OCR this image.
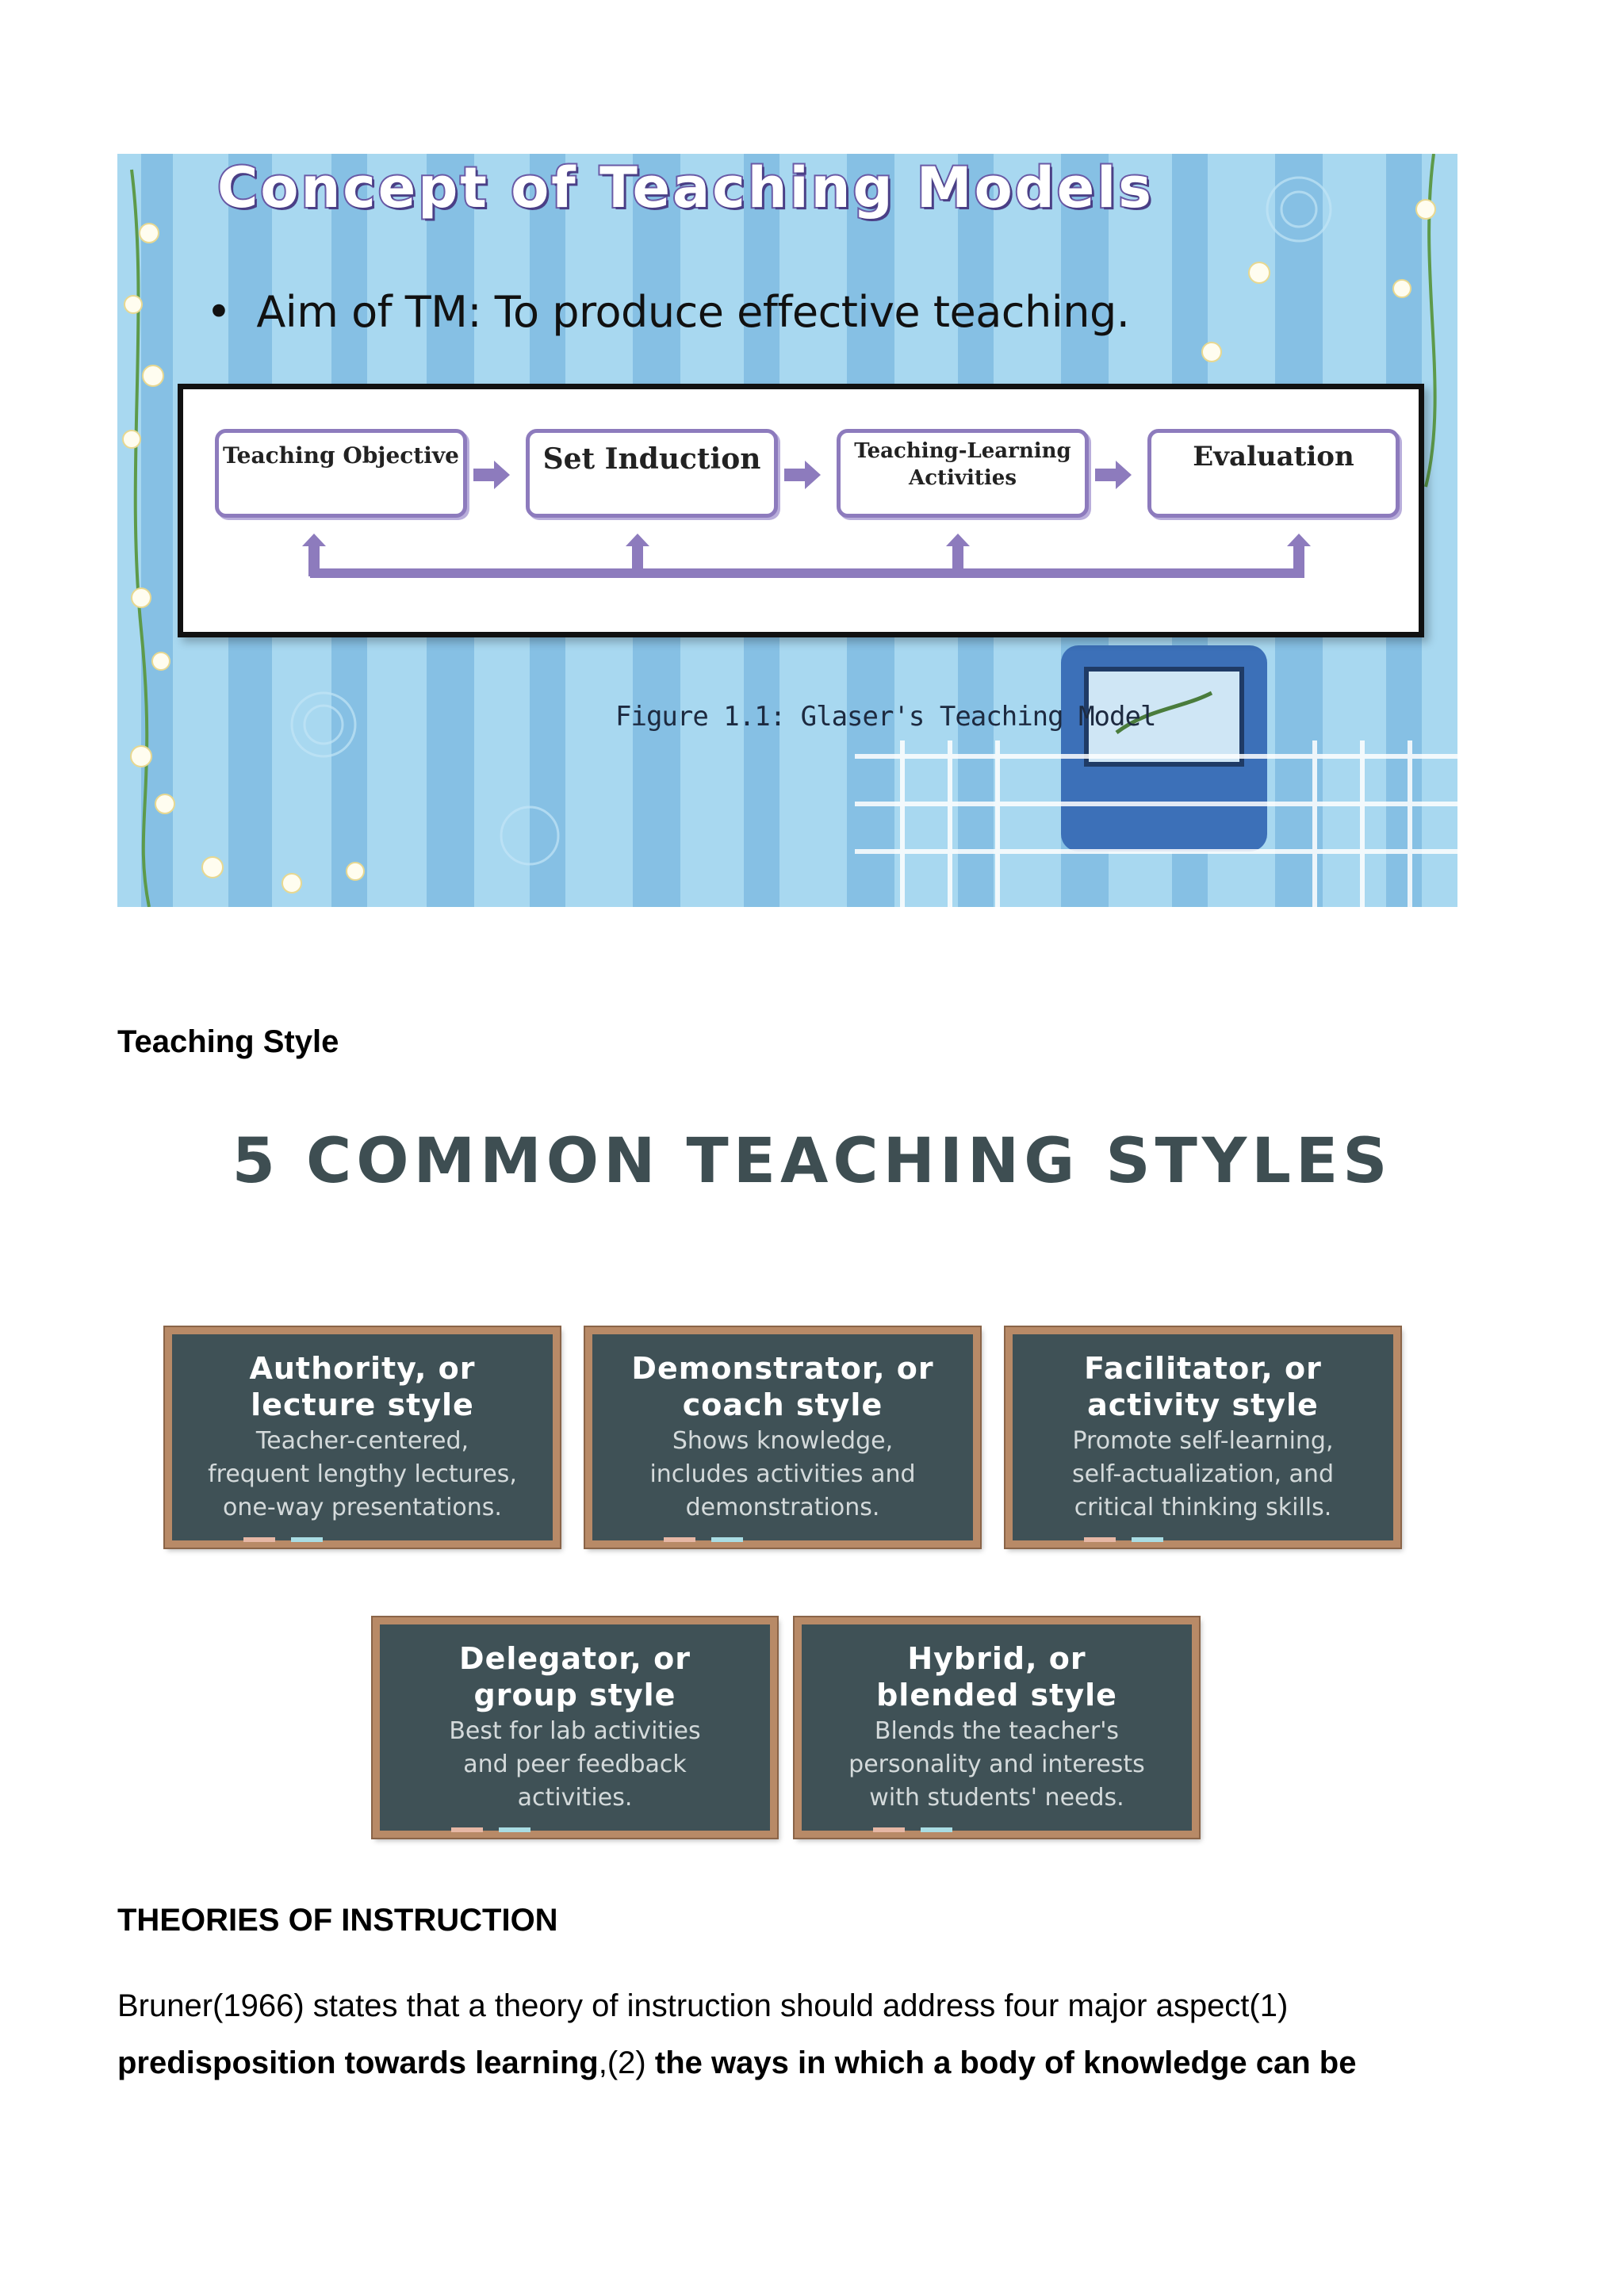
Concept of Teaching Models
• Aim of TM: To produce effective teaching.
Teaching Objective	Set Induction	Teaching-Learning Activities
Evaluation
Figure 1.1: Glaser's Teaching Model
Teaching Style
5 COMMON TEACHING STYLES
Authority, or
lecture style
Teacher-centered,
frequent lengthy lectures,
one-way presentations.
Demonstrator, or
coach style
Shows knowledge,
includes activities and
demonstrations.
Facilitator, or
activity style
Promote self-learning,
self-actualization, and
critical thinking skills.
Delegator, or
group style
Best for lab activities
and peer feedback
activities.
Hybrid, or
blended style
Blends the teacher's
personality and interests
with students' needs.
THEORIES OF INSTRUCTION
Bruner(1966) states that a theory of instruction should address four major aspect(1)
predisposition towards learning,(2) the ways in which a body of knowledge can be
